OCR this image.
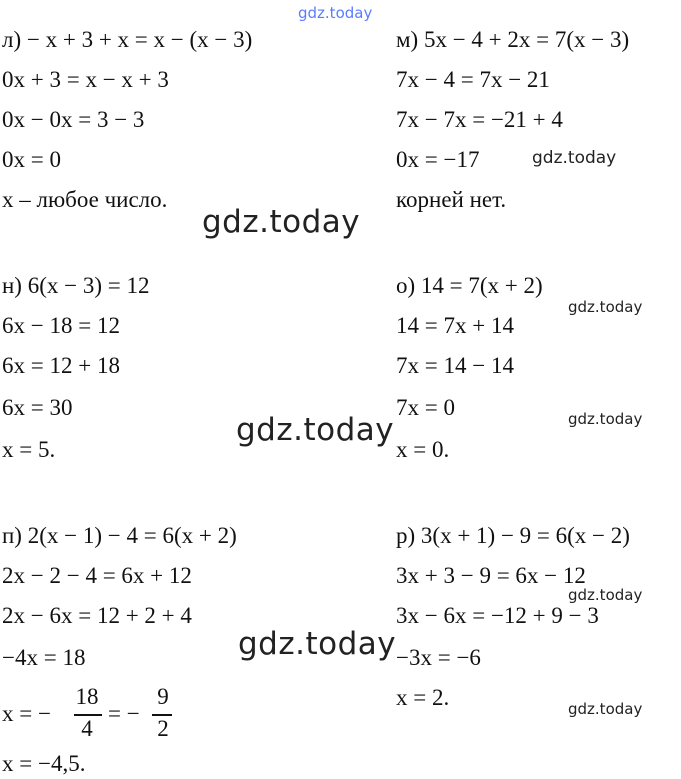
gdz.today
gdz.today
gdz.today
gdz.today
gdz.today
gdz.today
gdz.today
gdz.today
gdz.today
л) − x + 3 + x = x − (x − 3)
0x + 3 = x − x + 3
0x − 0x = 3 − 3
0x = 0
x – любое число.
м) 5x − 4 + 2x = 7(x − 3)
7x − 4 = 7x − 21
7x − 7x = −21 + 4
0x = −17
корней нет.
н) 6(x − 3) = 12
6x − 18 = 12
6x = 12 + 18
6x = 30
x = 5.
о) 14 = 7(x + 2)
14 = 7x + 14
7x = 14 − 14
7x = 0
x = 0.
п) 2(x − 1) − 4 = 6(x + 2)
2x − 2 − 4 = 6x + 12
2x − 6x = 12 + 2 + 4
−4x = 18
x = −
18
4
= −
9
2
x = −4,5.
р) 3(x + 1) − 9 = 6(x − 2)
3x + 3 − 9 = 6x − 12
3x − 6x = −12 + 9 − 3
−3x = −6
x = 2.
